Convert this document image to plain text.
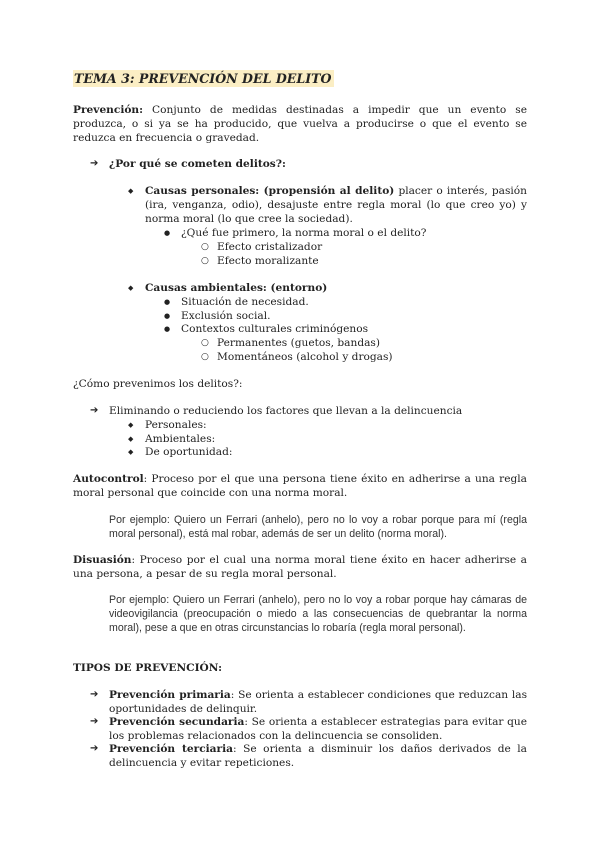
TEMA 3: PREVENCIÓN DEL DELITO
Prevención: Conjunto de medidas destinadas a impedir que un evento se produzca, o si ya se ha producido, que vuelva a producirse o que el evento se reduzca en frecuencia o gravedad.
➔ ¿Por qué se cometen delitos?:
◆ Causas personales: (propensión al delito) placer o interés, pasión (ira, venganza, odio), desajuste entre regla moral (lo que creo yo) y norma moral (lo que cree la sociedad).
● ¿Qué fue primero, la norma moral o el delito?
○ Efecto cristalizador
○ Efecto moralizante
◆ Causas ambientales: (entorno)
● Situación de necesidad.
● Exclusión social.
● Contextos culturales criminógenos
○ Permanentes (guetos, bandas)
○ Momentáneos (alcohol y drogas)
¿Cómo prevenimos los delitos?:
➔ Eliminando o reduciendo los factores que llevan a la delincuencia
◆ Personales:
◆ Ambientales:
◆ De oportunidad:
Autocontrol: Proceso por el que una persona tiene éxito en adherirse a una regla moral personal que coincide con una norma moral.
Por ejemplo: Quiero un Ferrari (anhelo), pero no lo voy a robar porque para mí (regla moral personal), está mal robar, además de ser un delito (norma moral).
Disuasión: Proceso por el cual una norma moral tiene éxito en hacer adherirse a una persona, a pesar de su regla moral personal.
Por ejemplo: Quiero un Ferrari (anhelo), pero no lo voy a robar porque hay cámaras de videovigilancia (preocupación o miedo a las consecuencias de quebrantar la norma moral), pese a que en otras circunstancias lo robaría (regla moral personal).
TIPOS DE PREVENCIÓN:
➔ Prevención primaria: Se orienta a establecer condiciones que reduzcan las oportunidades de delinquir.
➔ Prevención secundaria: Se orienta a establecer estrategias para evitar que los problemas relacionados con la delincuencia se consoliden.
➔ Prevención terciaria: Se orienta a disminuir los daños derivados de la delincuencia y evitar repeticiones.
